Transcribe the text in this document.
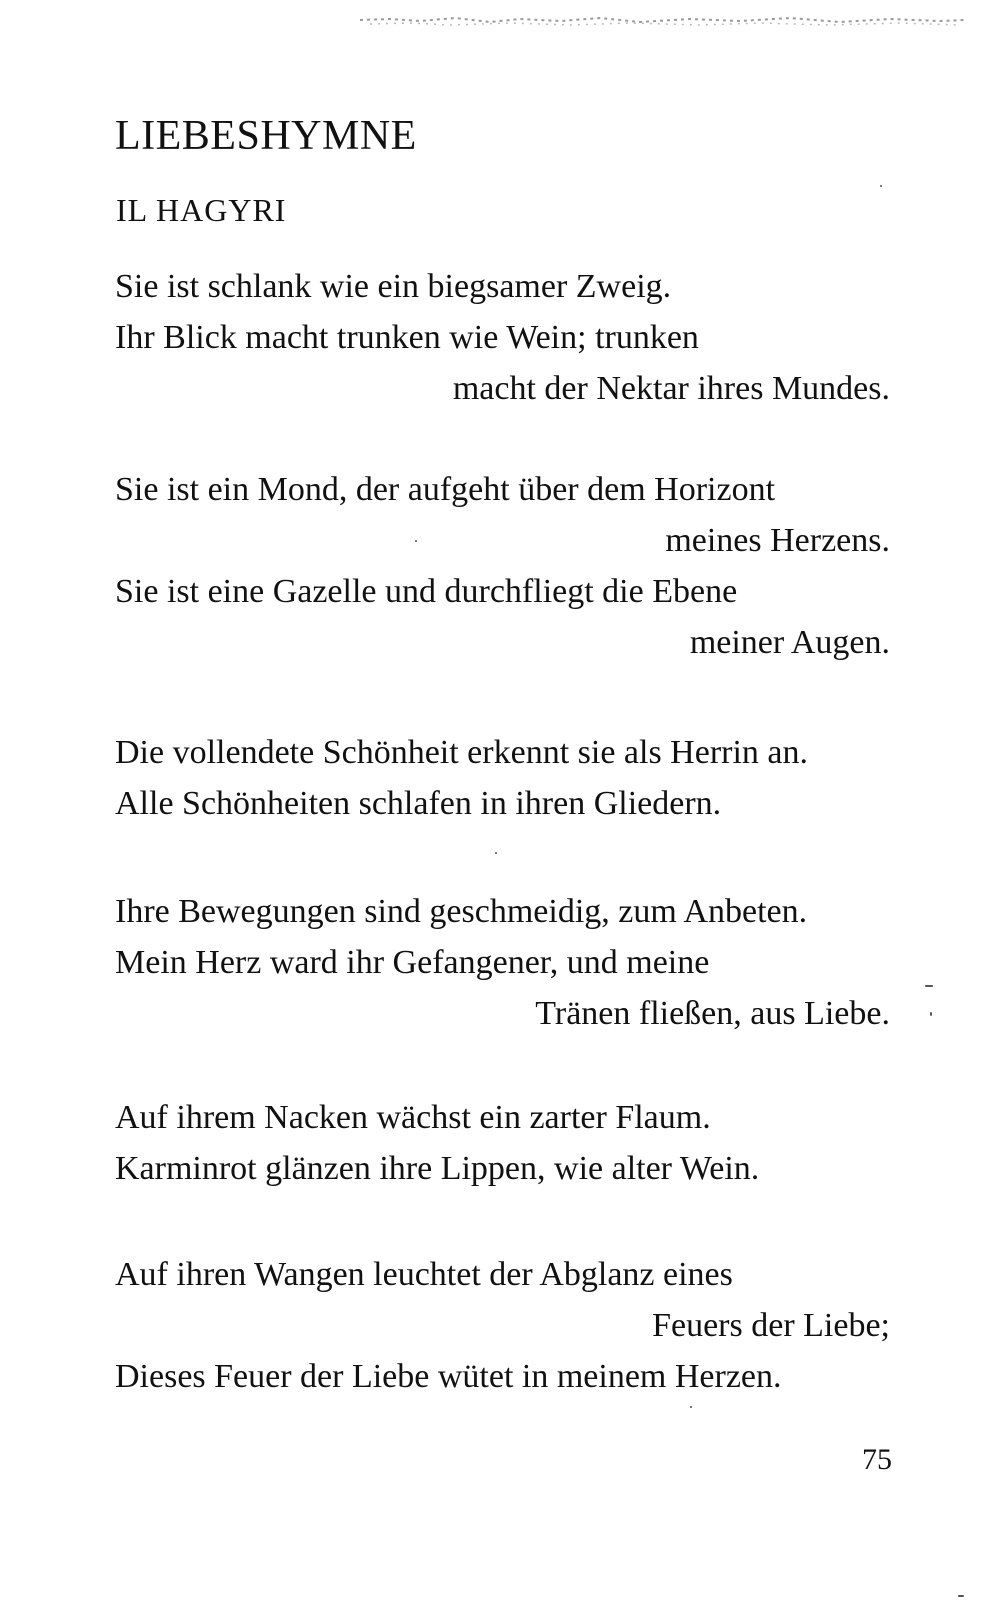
LIEBESHYMNE
IL HAGYRI

Sie ist schlank wie ein biegsamer Zweig.

Ihr Blick macht trunken wie Wein; trunken

macht der Nektar ihres Mundes.

Sie ist ein Mond, der aufgeht über dem Horizont

meines Herzens.

Sie ist eine Gazelle und durchfliegt die Ebene

meiner Augen.

Die vollendete Schönheit erkennt sie als Herrin an.

Alle Schönheiten schlafen in ihren Gliedern.

Ihre Bewegungen sind geschmeidig, zum Anbeten.

Mein Herz ward ihr Gefangener, und meine

Tränen fließen, aus Liebe.

Auf ihrem Nacken wächst ein zarter Flaum.

Karminrot glänzen ihre Lippen, wie alter Wein.

Auf ihren Wangen leuchtet der Abglanz eines

Feuers der Liebe;

Dieses Feuer der Liebe wütet in meinem Herzen.

75
